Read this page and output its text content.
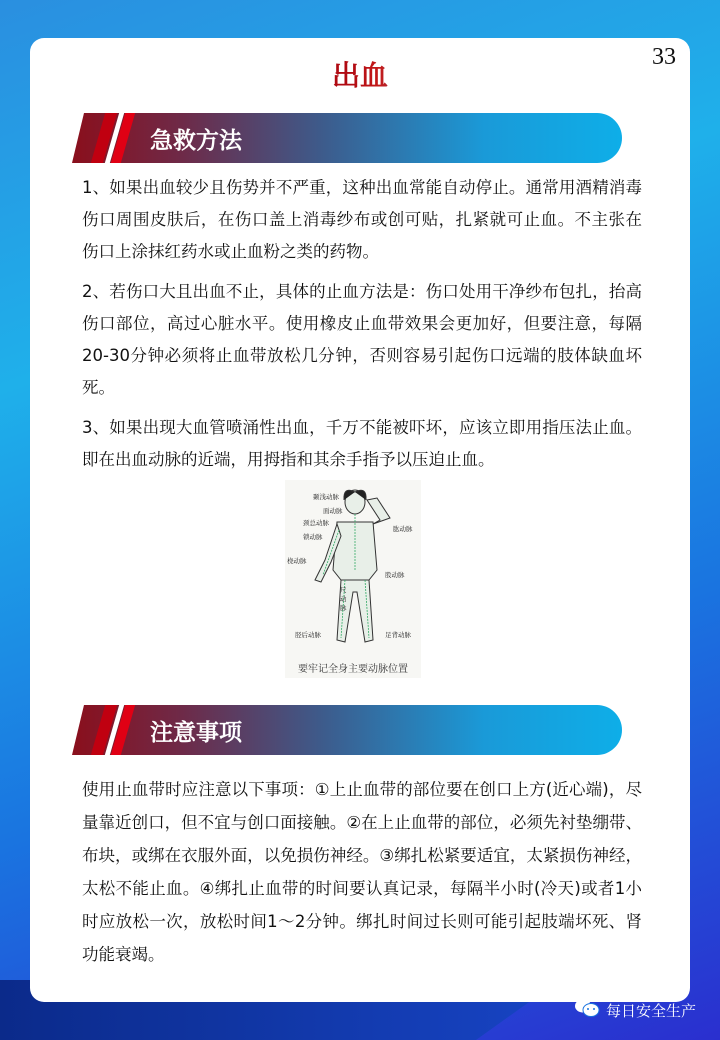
出血
33
急救方法

1、如果出血较少且伤势并不严重，这种出血常能自动停止。通常用酒精消毒伤口周围皮肤后，在伤口盖上消毒纱布或创可贴，扎紧就可止血。不主张在伤口上涂抹红药水或止血粉之类的药物。

2、若伤口大且出血不止，具体的止血方法是：伤口处用干净纱布包扎，抬高伤口部位，高过心脏水平。使用橡皮止血带效果会更加好，但要注意，每隔20-30分钟必须将止血带放松几分钟，否则容易引起伤口远端的肢体缺血坏死。

3、如果出现大血管喷涌性出血，千万不能被吓坏，应该立即用指压法止血。即在出血动脉的近端，用拇指和其余手指予以压迫止血。

颞浅动脉
面动脉
颈总动脉
肱动脉
锁动脉
桡动脉
尺动脉
股动脉
胫后动脉	足背动脉
要牢记全身主要动脉位置
注意事项

使用止血带时应注意以下事项：①上止血带的部位要在创口上方(近心端)，尽量靠近创口，但不宜与创口面接触。②在上止血带的部位，必须先衬垫绷带、布块，或绑在衣服外面，以免损伤神经。③绑扎松紧要适宜，太紧损伤神经，太松不能止血。④绑扎止血带的时间要认真记录，每隔半小时(冷天)或者1小时应放松一次，放松时间1～2分钟。绑扎时间过长则可能引起肢端坏死、肾功能衰竭。

每日安全生产
